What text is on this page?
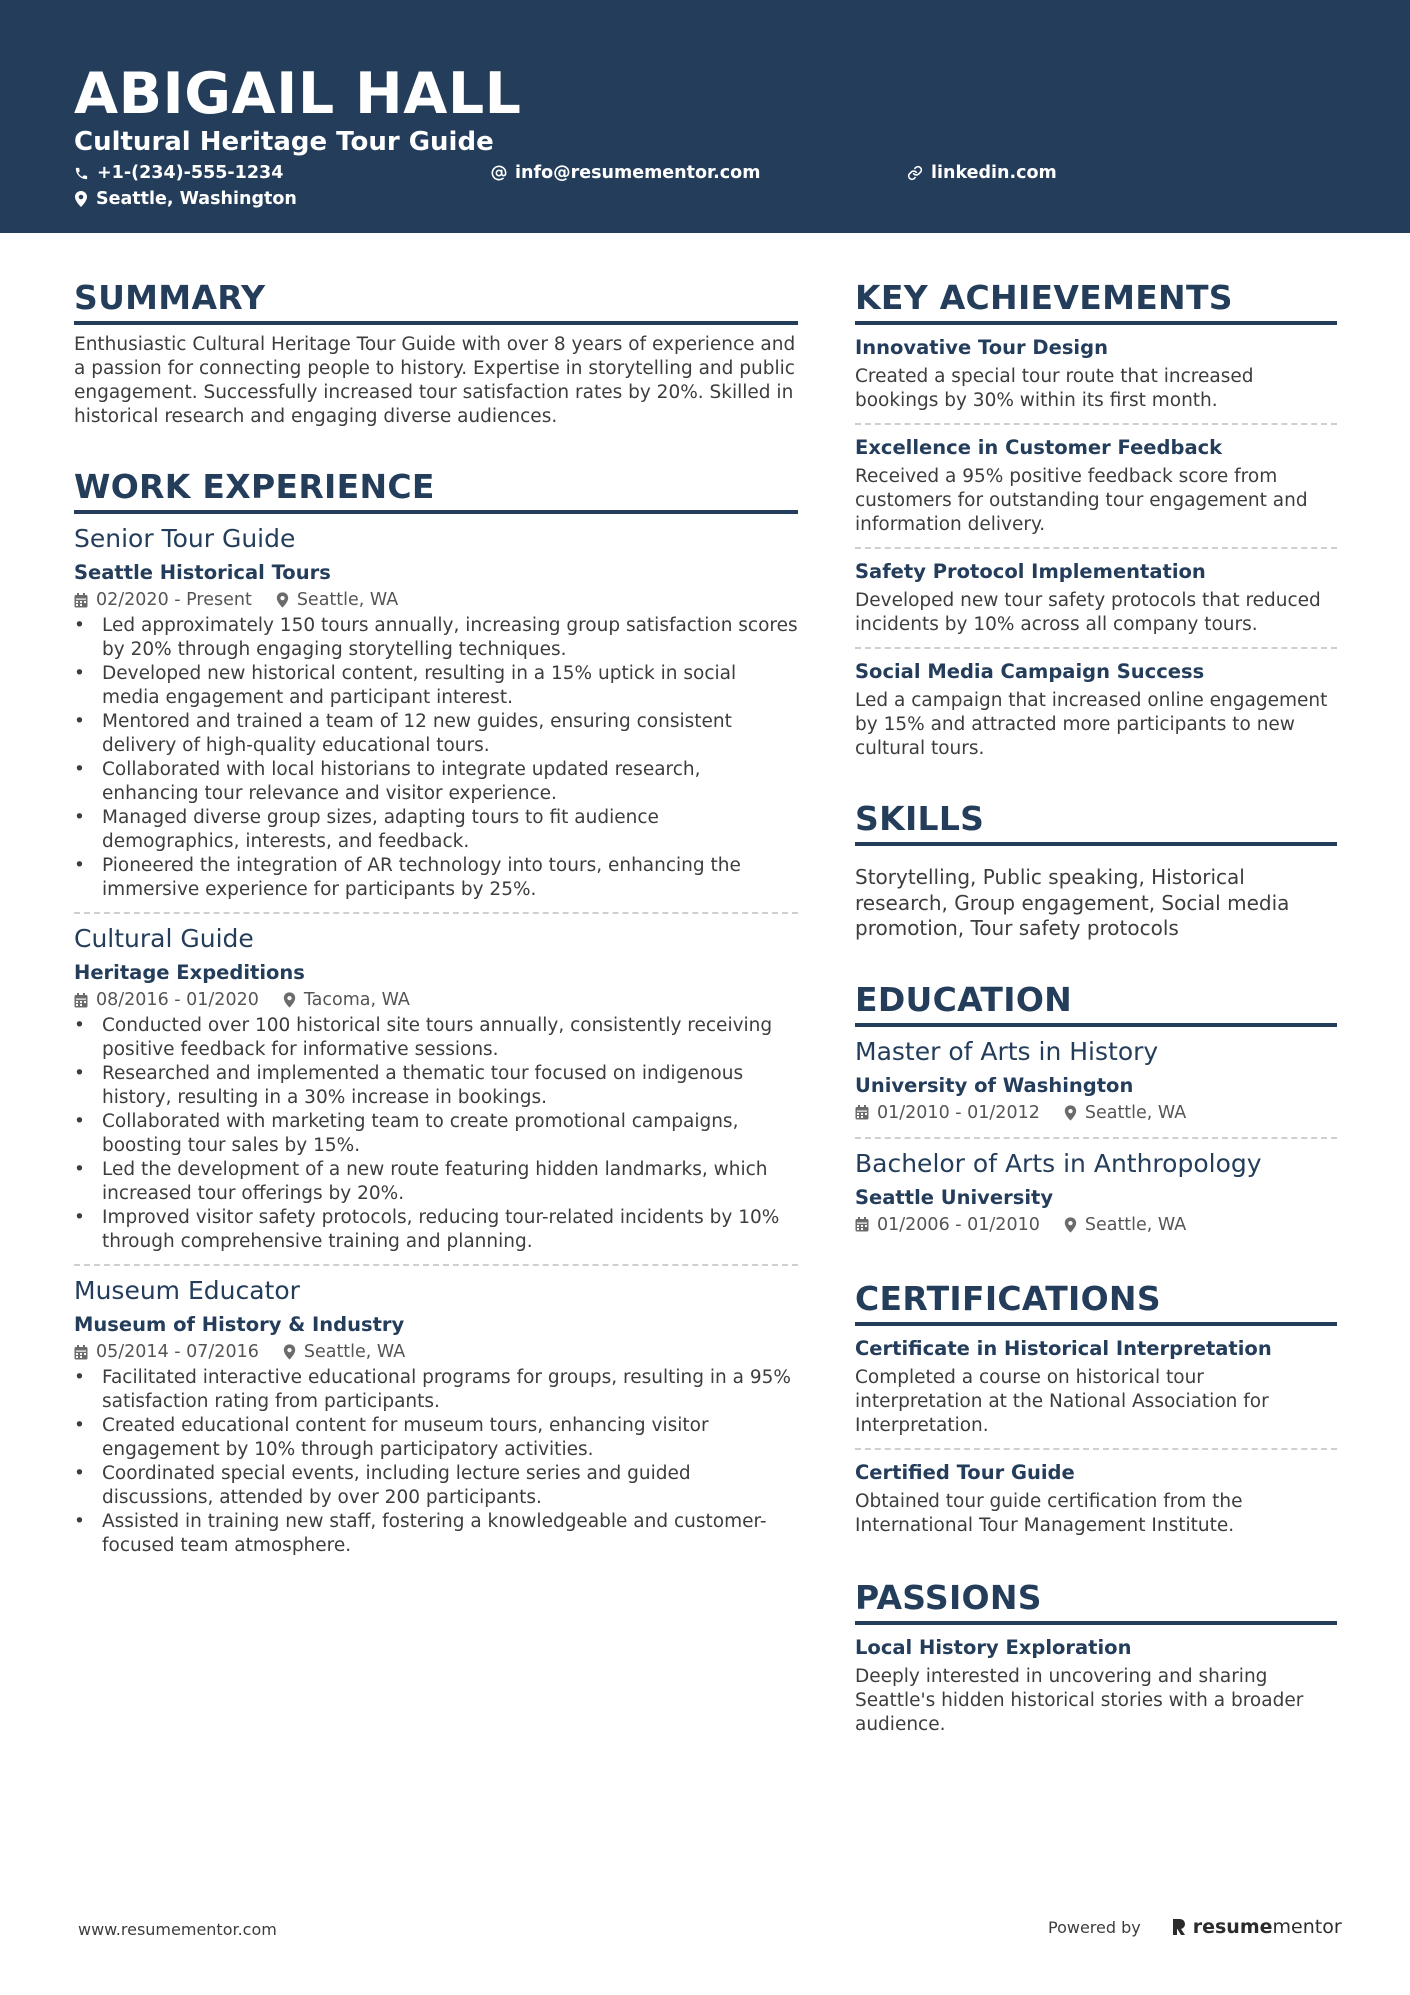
ABIGAIL HALL
Cultural Heritage Tour Guide
+1-(234)-555-1234	info@resumementor.com	linkedin.com
Seattle, Washington
SUMMARY

Enthusiastic Cultural Heritage Tour Guide with over 8 years of experience and a passion for connecting people to history. Expertise in storytelling and public engagement. Successfully increased tour satisfaction rates by 20%. Skilled in historical research and engaging diverse audiences.

WORK EXPERIENCE
Senior Tour Guide
Seattle Historical Tours
02/2020 - Present	Seattle, WA
• Led approximately 150 tours annually, increasing group satisfaction scores by 20% through engaging storytelling techniques.
• Developed new historical content, resulting in a 15% uptick in social media engagement and participant interest.
• Mentored and trained a team of 12 new guides, ensuring consistent delivery of high-quality educational tours.
• Collaborated with local historians to integrate updated research, enhancing tour relevance and visitor experience.
• Managed diverse group sizes, adapting tours to fit audience demographics, interests, and feedback.
• Pioneered the integration of AR technology into tours, enhancing the immersive experience for participants by 25%.
Cultural Guide
Heritage Expeditions
08/2016 - 01/2020	Tacoma, WA
• Conducted over 100 historical site tours annually, consistently receiving positive feedback for informative sessions.
• Researched and implemented a thematic tour focused on indigenous history, resulting in a 30% increase in bookings.
• Collaborated with marketing team to create promotional campaigns, boosting tour sales by 15%.
• Led the development of a new route featuring hidden landmarks, which increased tour offerings by 20%.
• Improved visitor safety protocols, reducing tour-related incidents by 10% through comprehensive training and planning.
Museum Educator
Museum of History & Industry
05/2014 - 07/2016	Seattle, WA
• Facilitated interactive educational programs for groups, resulting in a 95% satisfaction rating from participants.
• Created educational content for museum tours, enhancing visitor engagement by 10% through participatory activities.
• Coordinated special events, including lecture series and guided discussions, attended by over 200 participants.
• Assisted in training new staff, fostering a knowledgeable and customer-focused team atmosphere.
KEY ACHIEVEMENTS
Innovative Tour Design
Created a special tour route that increased bookings by 30% within its first month.
Excellence in Customer Feedback
Received a 95% positive feedback score from customers for outstanding tour engagement and information delivery.
Safety Protocol Implementation
Developed new tour safety protocols that reduced incidents by 10% across all company tours.
Social Media Campaign Success
Led a campaign that increased online engagement by 15% and attracted more participants to new cultural tours.
SKILLS
Storytelling, Public speaking, Historical research, Group engagement, Social media promotion, Tour safety protocols
EDUCATION
Master of Arts in History
University of Washington
01/2010 - 01/2012	Seattle, WA
Bachelor of Arts in Anthropology
Seattle University
01/2006 - 01/2010	Seattle, WA
CERTIFICATIONS
Certificate in Historical Interpretation
Completed a course on historical tour interpretation at the National Association for Interpretation.
Certified Tour Guide
Obtained tour guide certification from the International Tour Management Institute.
PASSIONS
Local History Exploration
Deeply interested in uncovering and sharing Seattle's hidden historical stories with a broader audience.
www.resumementor.com	Powered by	resume mentor
